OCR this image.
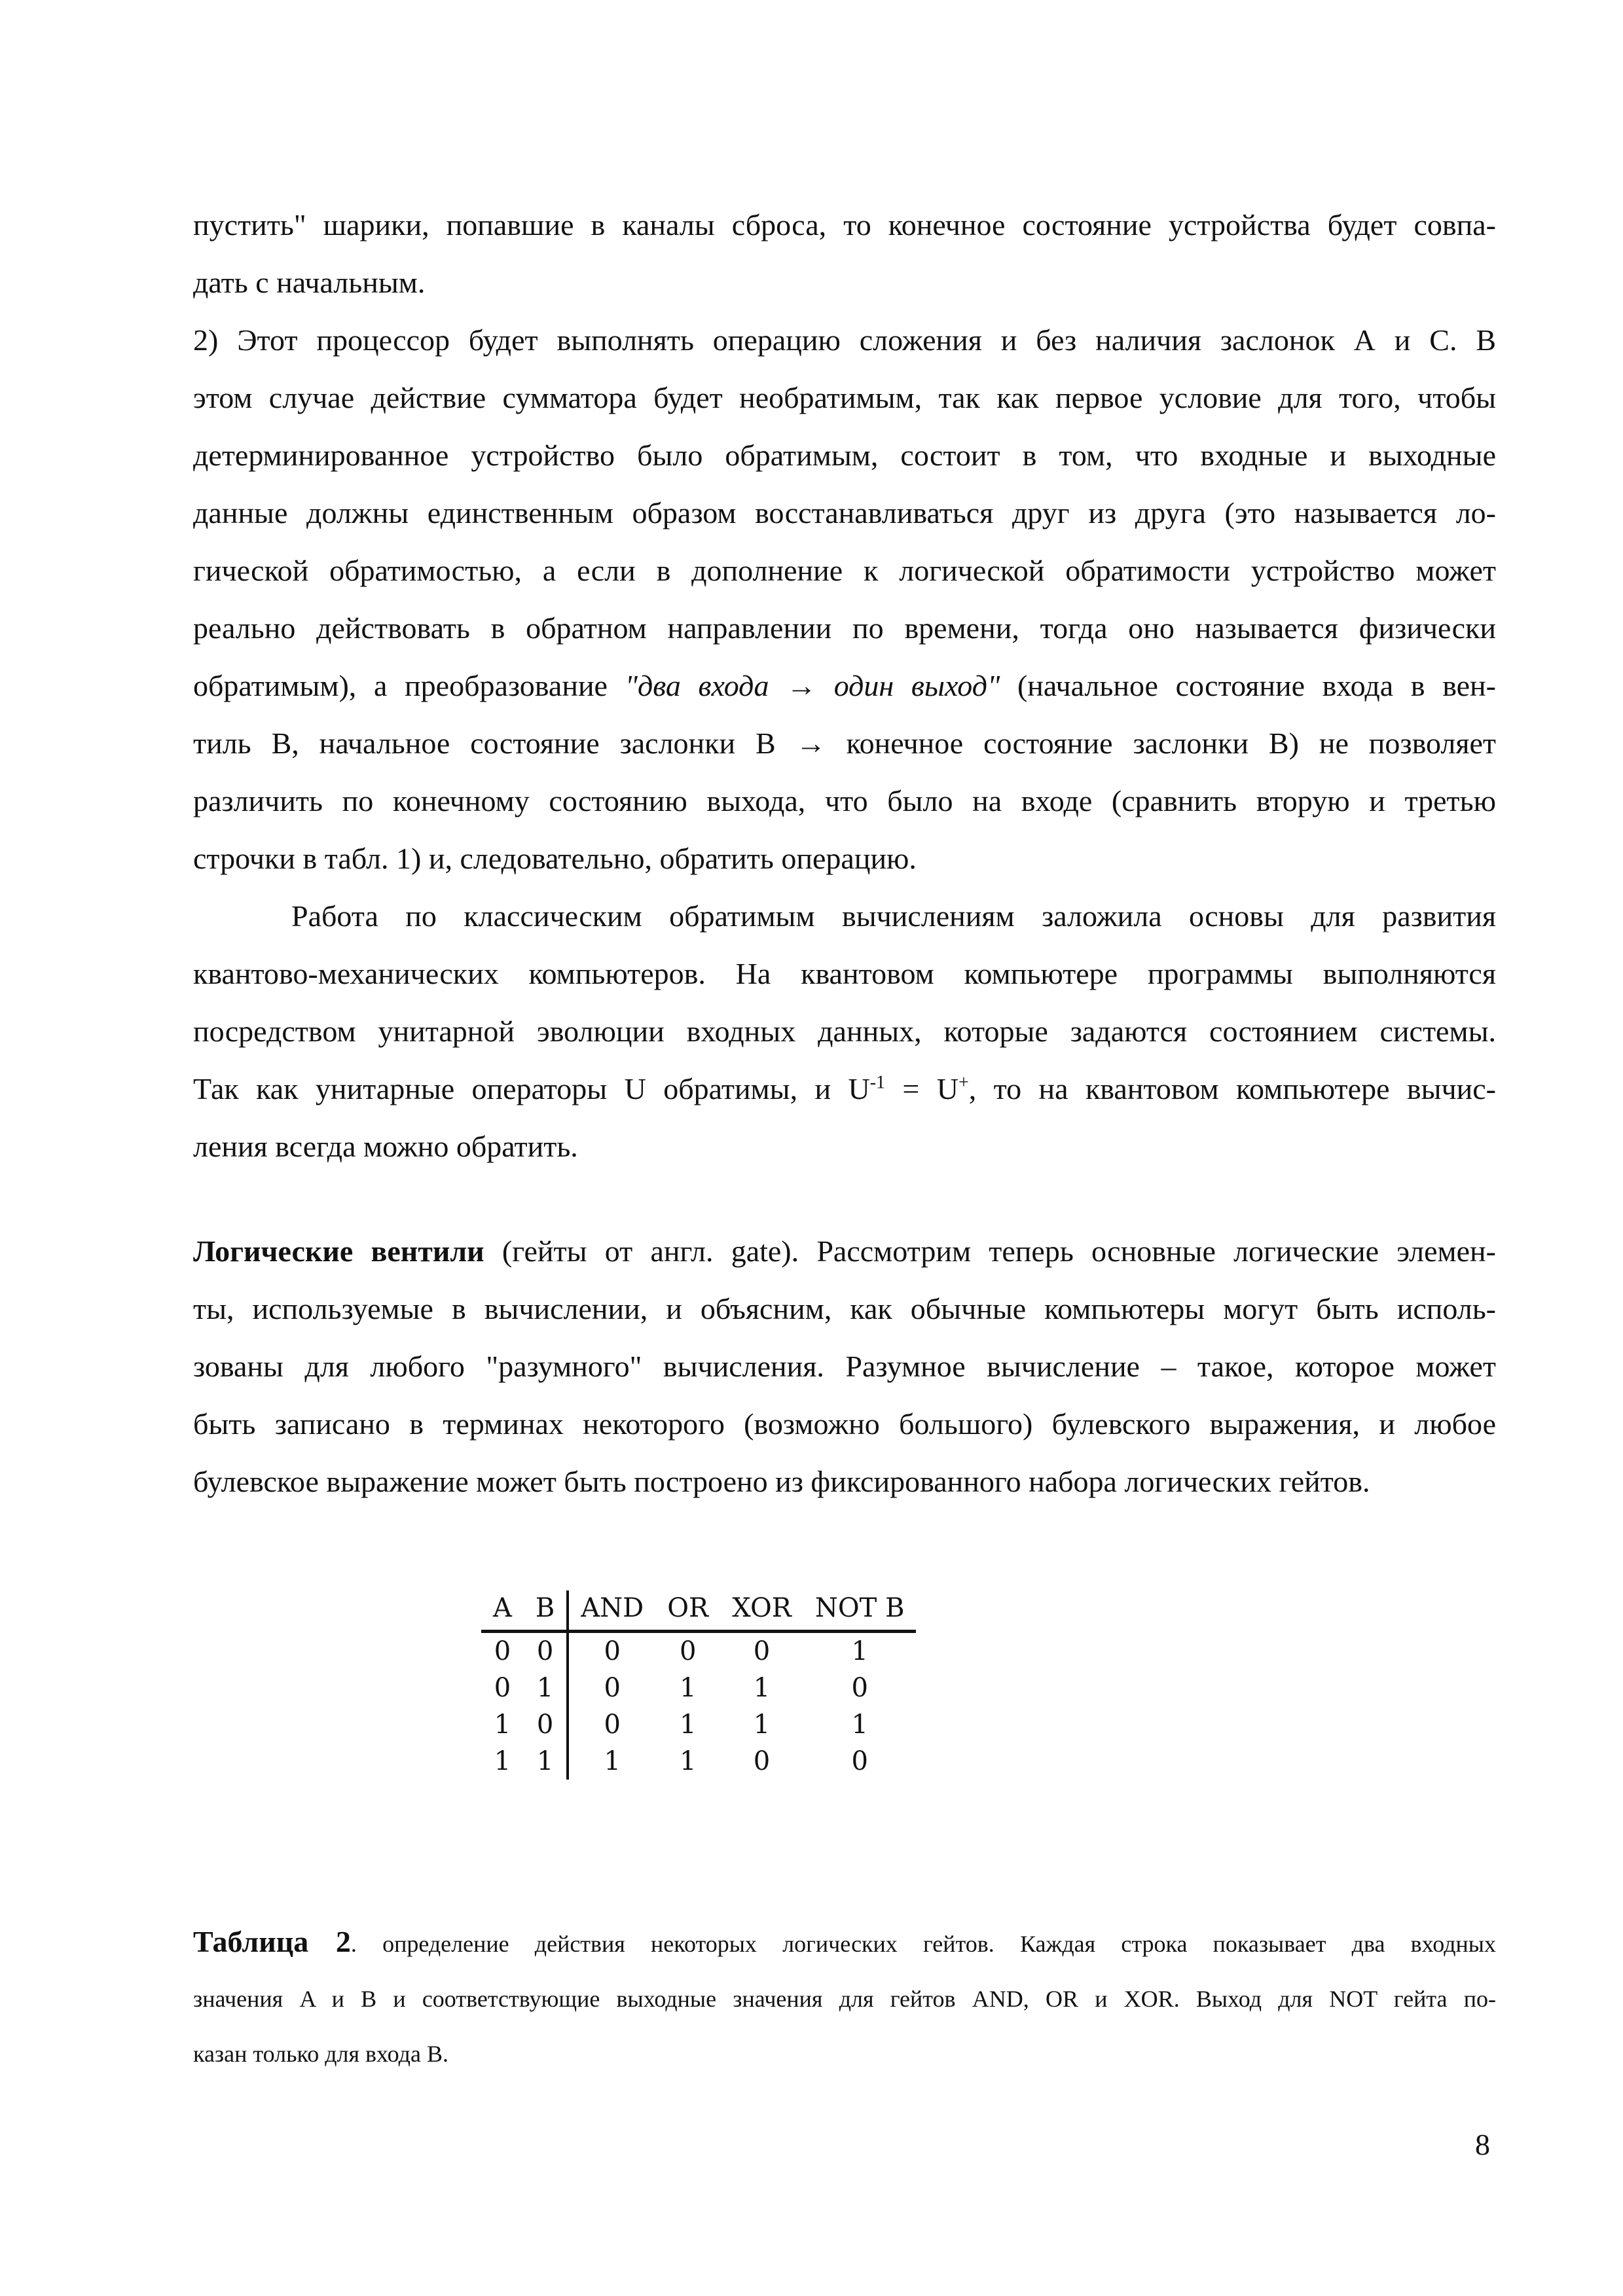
пустить" шарики, попавшие в каналы сброса, то конечное состояние устройства будет совпа-
дать с начальным.
2) Этот процессор будет выполнять операцию сложения и без наличия заслонок А и С. В
этом случае действие сумматора будет необратимым, так как первое условие для того, чтобы
детерминированное устройство было обратимым, состоит в том, что входные и выходные
данные должны единственным образом восстанавливаться друг из друга (это называется ло-
гической обратимостью, а если в дополнение к логической обратимости устройство может
реально действовать в обратном направлении по времени, тогда оно называется физически
обратимым), а преобразование "два входа → один выход" (начальное состояние входа в вен-
тиль В, начальное состояние заслонки В → конечное состояние заслонки В) не позволяет
различить по конечному состоянию выхода, что было на входе (сравнить вторую и третью
строчки в табл. 1) и, следовательно, обратить операцию.
Работа по классическим обратимым вычислениям заложила основы для развития
квантово-механических компьютеров. На квантовом компьютере программы выполняются
посредством унитарной эволюции входных данных, которые задаются состоянием системы.
Так как унитарные операторы U обратимы, и $U^{-1} = U^+$, то на квантовом компьютере вычис-
ления всегда можно обратить.
Логические вентили (гейты от англ. gate). Рассмотрим теперь основные логические элемен-
ты, используемые в вычислении, и объясним, как обычные компьютеры могут быть исполь-
зованы для любого "разумного" вычисления. Разумное вычисление – такое, которое может
быть записано в терминах некоторого (возможно большого) булевского выражения, и любое
булевское выражение может быть построено из фиксированного набора логических гейтов.
A	B	AND	OR	XOR	NOT B
0	0	0	0	0	1
0	1	0	1	1	0
1	0	0	1	1	1
1	1	1	1	0	0
Таблица 2. определение действия некоторых логических гейтов. Каждая строка показывает два входных
значения A и B и соответствующие выходные значения для гейтов AND, OR и XOR. Выход для NOT гейта по-
казан только для входа B.
8
